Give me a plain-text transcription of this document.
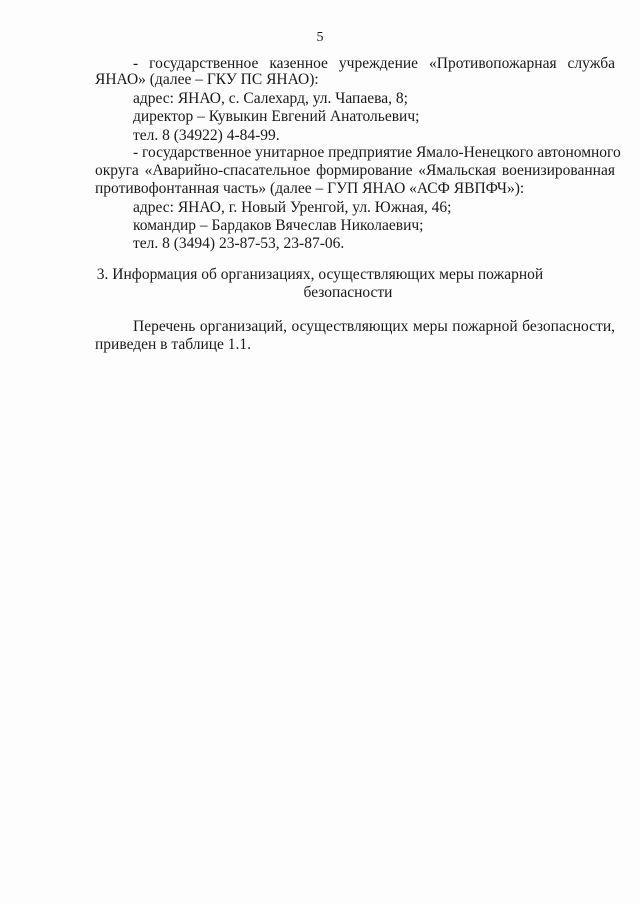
5
- государственное казенное учреждение «Противопожарная служба
ЯНАО» (далее – ГКУ ПС ЯНАО):
адрес: ЯНАО, с. Салехард, ул. Чапаева, 8;
директор – Кувыкин Евгений Анатольевич;
тел. 8 (34922) 4-84-99.
- государственное унитарное предприятие Ямало-Ненецкого автономного
округа «Аварийно-спасательное формирование «Ямальская военизированная
противофонтанная часть» (далее – ГУП ЯНАО «АСФ ЯВПФЧ»):
адрес: ЯНАО, г. Новый Уренгой, ул. Южная, 46;
командир – Бардаков Вячеслав Николаевич;
тел. 8 (3494) 23-87-53, 23-87-06.
3. Информация об организациях, осуществляющих меры пожарной
безопасности
Перечень организаций, осуществляющих меры пожарной безопасности,
приведен в таблице 1.1.
